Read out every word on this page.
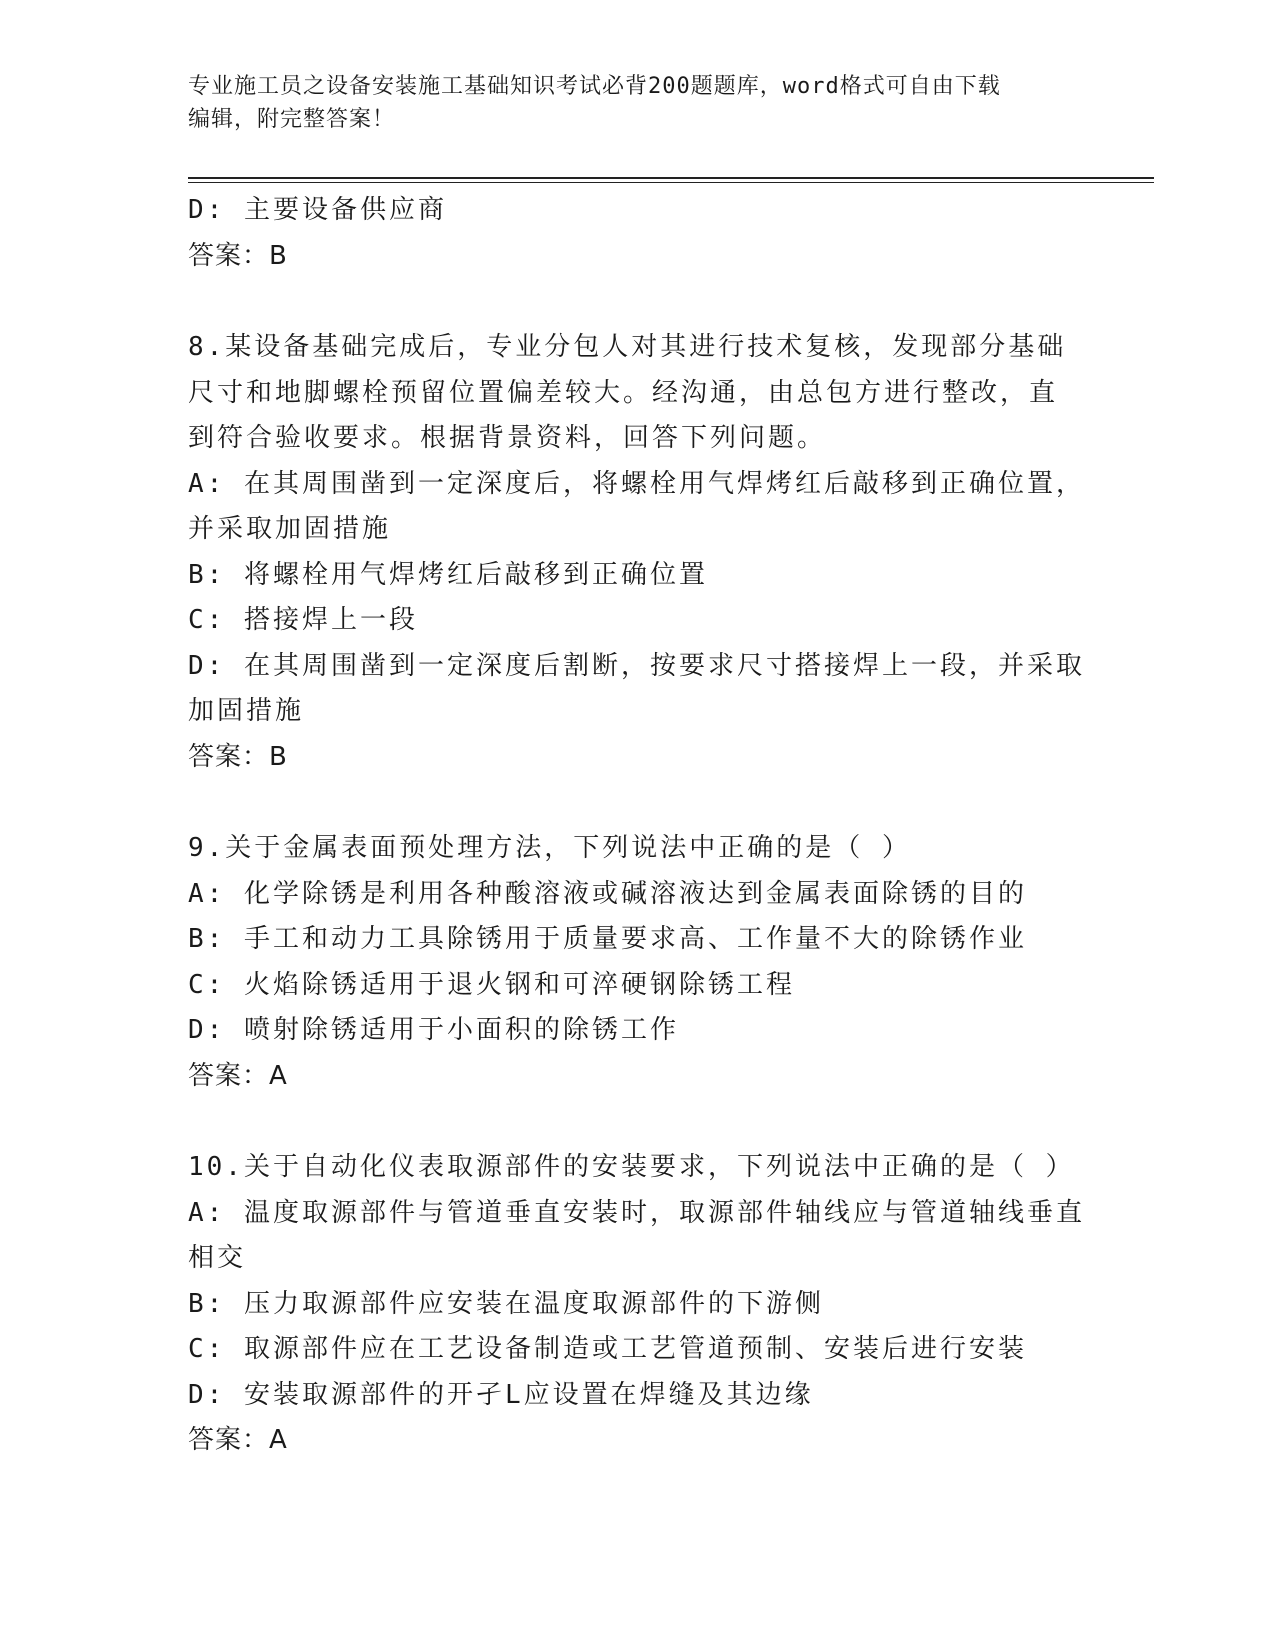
专业施工员之设备安装施工基础知识考试必背200题题库，word格式可自由下载
编辑，附完整答案！
D: 主要设备供应商
答案：B
8.某设备基础完成后，专业分包人对其进行技术复核，发现部分基础
尺寸和地脚螺栓预留位置偏差较大。经沟通，由总包方进行整改，直
到符合验收要求。根据背景资料，回答下列问题。
A: 在其周围凿到一定深度后，将螺栓用气焊烤红后敲移到正确位置，
并采取加固措施
B: 将螺栓用气焊烤红后敲移到正确位置
C: 搭接焊上一段
D: 在其周围凿到一定深度后割断，按要求尺寸搭接焊上一段，并采取
加固措施
答案：B
9.关于金属表面预处理方法，下列说法中正确的是（ ）
A: 化学除锈是利用各种酸溶液或碱溶液达到金属表面除锈的目的
B: 手工和动力工具除锈用于质量要求高、工作量不大的除锈作业
C: 火焰除锈适用于退火钢和可淬硬钢除锈工程
D: 喷射除锈适用于小面积的除锈工作
答案：A
10.关于自动化仪表取源部件的安装要求，下列说法中正确的是（ ）
A: 温度取源部件与管道垂直安装时，取源部件轴线应与管道轴线垂直
相交
B: 压力取源部件应安装在温度取源部件的下游侧
C: 取源部件应在工艺设备制造或工艺管道预制、安装后进行安装
D: 安装取源部件的开孑L应设置在焊缝及其边缘
答案：A
